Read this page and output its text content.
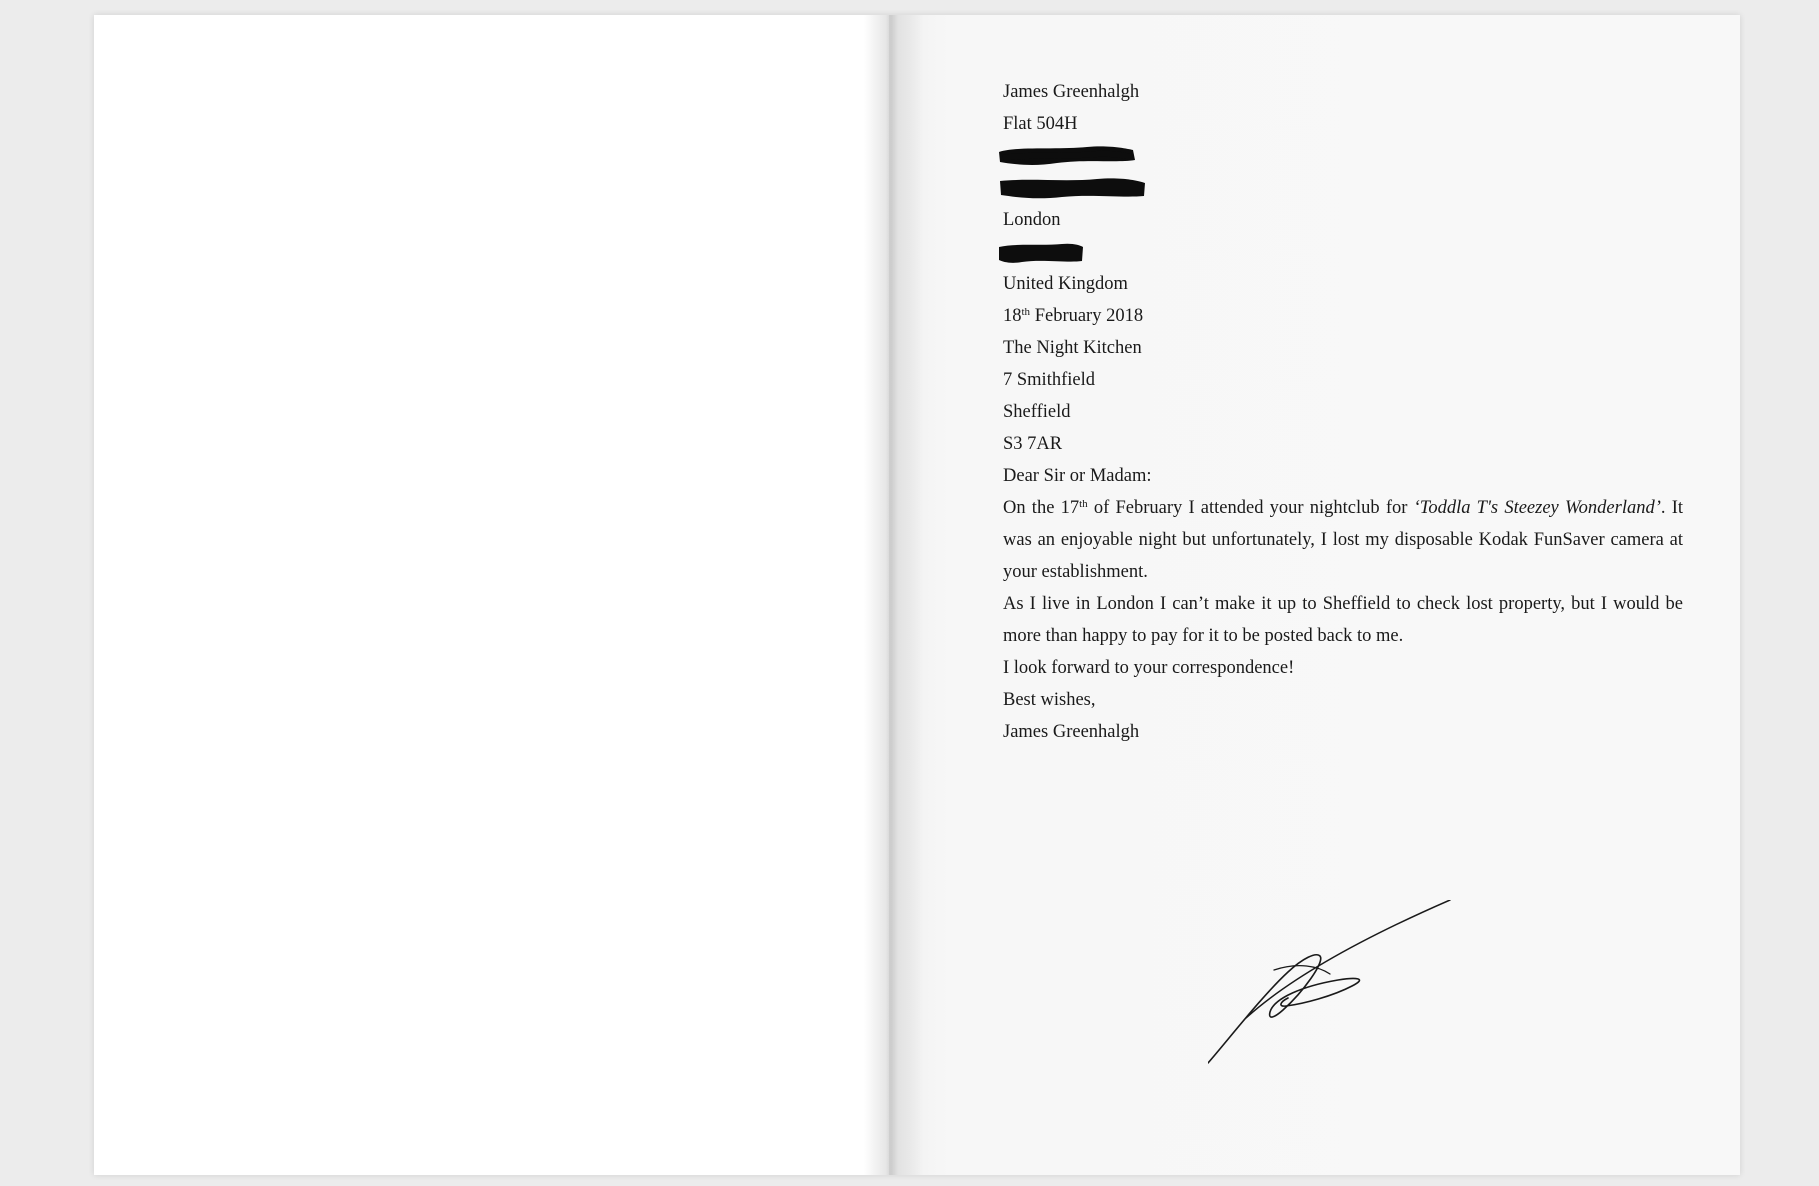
James Greenhalgh
Flat 504H
London
United Kingdom
18th February 2018
The Night Kitchen
7 Smithfield
Sheffield
S3 7AR
Dear Sir or Madam:

On the 17th of February I attended your nightclub for ‘Toddla T's Steezey Wonderland’. It was an enjoyable night but unfortunately, I lost my disposable Kodak FunSaver camera at your establishment.

As I live in London I can’t make it up to Sheffield to check lost property, but I would be more than happy to pay for it to be posted back to me.

I look forward to your correspondence!

Best wishes,
James Greenhalgh
